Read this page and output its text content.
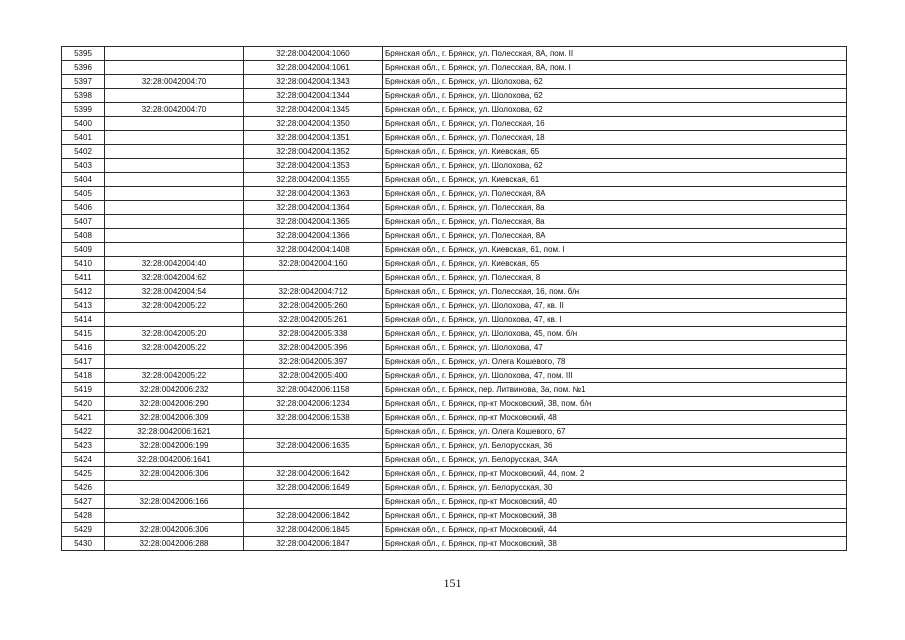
5395		32:28:0042004:1060	Брянская обл., г. Брянск, ул. Полесская, 8А, пом. II
5396		32:28:0042004:1061	Брянская обл., г. Брянск, ул. Полесская, 8А, пом. I
5397	32:28:0042004:70	32:28:0042004:1343	Брянская обл., г. Брянск, ул. Шолохова, 62
5398		32:28:0042004:1344	Брянская обл., г. Брянск, ул. Шолохова, 62
5399	32:28:0042004:70	32:28:0042004:1345	Брянская обл., г. Брянск, ул. Шолохова, 62
5400		32:28:0042004:1350	Брянская обл., г. Брянск, ул. Полесская, 16
5401		32:28:0042004:1351	Брянская обл., г. Брянск, ул. Полесская, 18
5402		32:28:0042004:1352	Брянская обл., г. Брянск, ул. Киевская, 65
5403		32:28:0042004:1353	Брянская обл., г. Брянск, ул. Шолохова, 62
5404		32:28:0042004:1355	Брянская обл., г. Брянск, ул. Киевская, 61
5405		32:28:0042004:1363	Брянская обл., г. Брянск, ул. Полесская, 8А
5406		32:28:0042004:1364	Брянская обл., г. Брянск, ул. Полесская, 8а
5407		32:28:0042004:1365	Брянская обл., г. Брянск, ул. Полесская, 8а
5408		32:28:0042004:1366	Брянская обл., г. Брянск, ул. Полесская, 8А
5409		32:28:0042004:1408	Брянская обл., г. Брянск, ул. Киевская, 61, пом. I
5410	32:28:0042004:40	32:28:0042004:160	Брянская обл., г. Брянск, ул. Киевская, 65
5411	32:28:0042004:62		Брянская обл., г. Брянск, ул. Полесская, 8
5412	32:28:0042004:54	32:28:0042004:712	Брянская обл., г. Брянск, ул. Полесская, 16, пом. б/н
5413	32:28:0042005:22	32:28:0042005:260	Брянская обл., г. Брянск, ул. Шолохова, 47, кв. II
5414		32:28:0042005:261	Брянская обл., г. Брянск, ул. Шолохова, 47, кв. I
5415	32:28:0042005:20	32:28:0042005:338	Брянская обл., г. Брянск, ул. Шолохова, 45, пом. б/н
5416	32:28:0042005:22	32:28:0042005:396	Брянская обл., г. Брянск, ул. Шолохова, 47
5417		32:28:0042005:397	Брянская обл., г. Брянск, ул. Олега Кошевого, 78
5418	32:28:0042005:22	32:28:0042005:400	Брянская обл., г. Брянск, ул. Шолохова, 47, пом. III
5419	32:28:0042006:232	32:28:0042006:1158	Брянская обл., г. Брянск, пер. Литвинова, 3а, пом. №1
5420	32:28:0042006:290	32:28:0042006:1234	Брянская обл., г. Брянск, пр-кт Московский, 38, пом. б/н
5421	32:28:0042006:309	32:28:0042006:1538	Брянская обл., г. Брянск, пр-кт Московский, 48
5422	32:28:0042006:1621		Брянская обл., г. Брянск, ул. Олега Кошевого, 67
5423	32:28:0042006:199	32:28:0042006:1635	Брянская обл., г. Брянск, ул. Белорусская, 36
5424	32:28:0042006:1641		Брянская обл., г. Брянск, ул. Белорусская, 34А
5425	32:28:0042006:306	32:28:0042006:1642	Брянская обл., г. Брянск, пр-кт Московский, 44, пом. 2
5426		32:28:0042006:1649	Брянская обл., г. Брянск, ул. Белорусская, 30
5427	32:28:0042006:166		Брянская обл., г. Брянск, пр-кт Московский, 40
5428		32:28:0042006:1842	Брянская обл., г. Брянск, пр-кт Московский, 38
5429	32:28:0042006:306	32:28:0042006:1845	Брянская обл., г. Брянск, пр-кт Московский, 44
5430	32:28:0042006:288	32:28:0042006:1847	Брянская обл., г. Брянск, пр-кт Московский, 38
151
